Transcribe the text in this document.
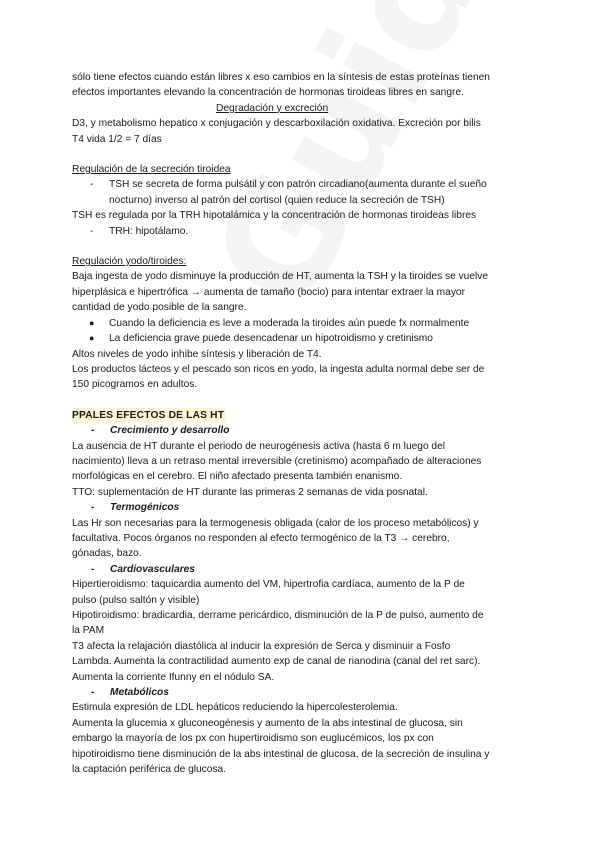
sólo tiene efectos cuando están libres x eso cambios en la síntesis de estas proteínas tienen
efectos importantes elevando la concentración de hormonas tiroideas libres en sangre.
Degradación y excreción
D3, y metabolismo hepatico x conjugación y descarboxilación oxidativa. Excreción por bilis
T4 vida 1/2 = 7 días
Regulación de la secreción tiroidea
- TSH se secreta de forma pulsátil y con patrón circadiano(aumenta durante el sueño
nocturno) inverso al patrón del cortisol (quien reduce la secreción de TSH)
TSH es regulada por la TRH hipotalámica y la concentración de hormonas tiroideas libres
- TRH: hipotálamo.
Regulación yodo/tiroides:
Baja ingesta de yodo disminuye la producción de HT, aumenta la TSH y la tiroides se vuelve
hiperplásica e hipertrófica → aumenta de tamaño (bocio) para intentar extraer la mayor
cantidad de yodo posible de la sangre.
● Cuando la deficiencia es leve a moderada la tiroides aún puede fx normalmente
● La deficiencia grave puede desencadenar un hipotroidismo y cretinismo
Altos niveles de yodo inhibe síntesis y liberación de T4.
Los productos lácteos y el pescado son ricos en yodo, la ingesta adulta normal debe ser de
150 picogramos en adultos.
PPALES EFECTOS DE LAS HT
- Crecimiento y desarrollo
La ausencia de HT durante el periodo de neurogénesis activa (hasta 6 m luego del
nacimiento) lleva a un retraso mental irreversible (cretinismo) acompañado de alteraciones
morfológicas en el cerebro. El niño afectado presenta también enanismo.
TTO: suplementación de HT durante las primeras 2 semanas de vida posnatal.
- Termogénicos
Las Hr son necesarias para la termogenesis obligada (calor de los proceso metabólicos) y
facultativa. Pocos órganos no responden al efecto termogénico de la T3 → cerebro,
gónadas, bazo.
- Cardiovasculares
Hipertieroidismo: taquicardia aumento del VM, hipertrofia cardíaca, aumento de la P de
pulso (pulso saltón y visible)
Hipotiroidismo: bradicardia, derrame pericárdico, disminución de la P de pulso, aumento de
la PAM
T3 afecta la relajación diastólica al inducir la expresión de Serca y disminuir a Fosfo
Lambda. Aumenta la contractilidad aumento exp de canal de rianodina (canal del ret sarc).
Aumenta la corriente Ifunny en el nódulo SA.
- Metabólicos
Estimula expresión de LDL hepáticos reduciendo la hipercolesterolemia.
Aumenta la glucemia x gluconeogénesis y aumento de la abs intestinal de glucosa, sin
embargo la mayoría de los px con hupertiroidismo son euglucémicos, los px con
hipotiroidismo tiene disminución de la abs intestinal de glucosa, de la secreción de insulina y
la captación periférica de glucosa.
